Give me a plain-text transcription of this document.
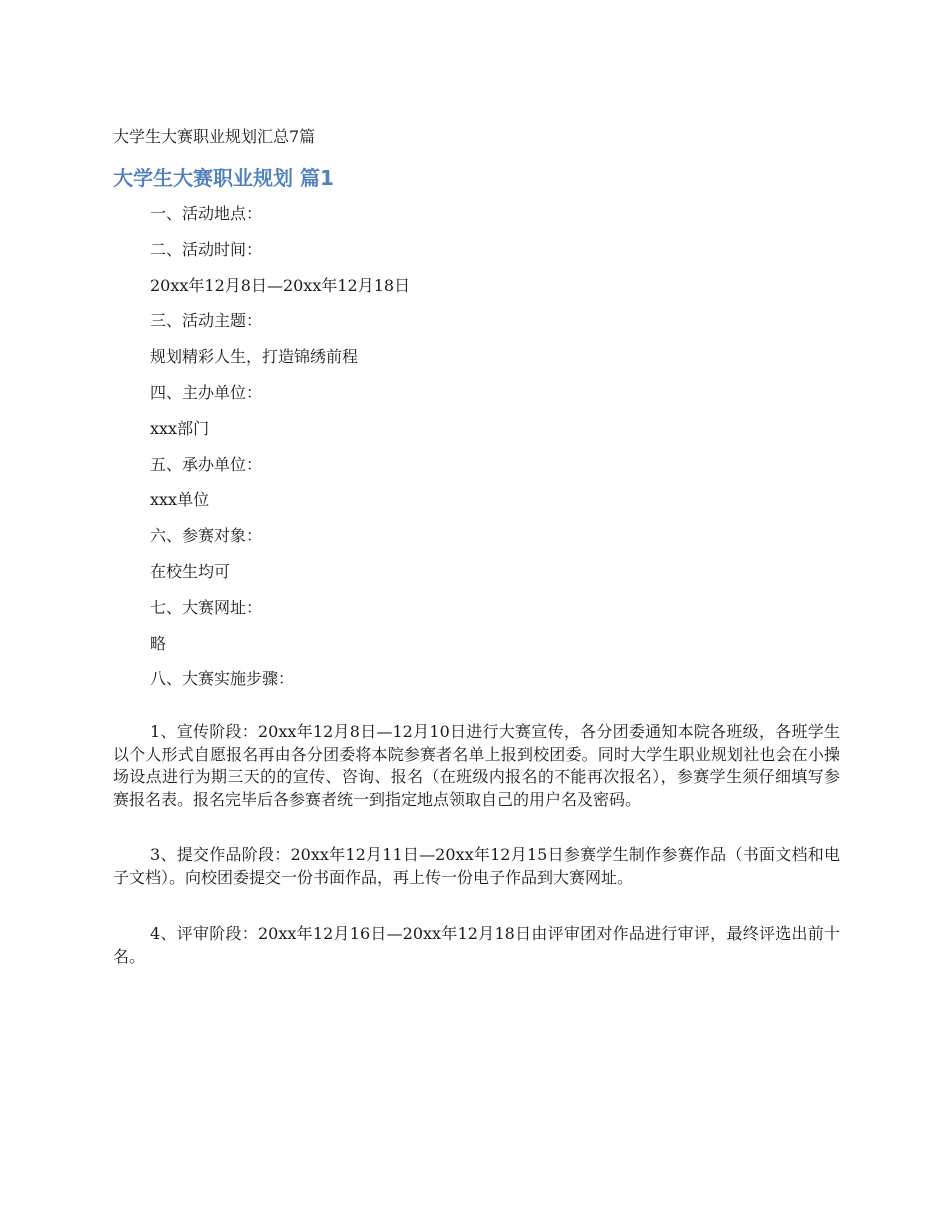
大学生大赛职业规划汇总7篇
大学生大赛职业规划 篇1
一、活动地点：
二、活动时间：
20xx年12月8日—20xx年12月18日
三、活动主题：
规划精彩人生，打造锦绣前程
四、主办单位：
xxx部门
五、承办单位：
xxx单位
六、参赛对象：
在校生均可
七、大赛网址：
略
八、大赛实施步骤：

1、宣传阶段：20xx年12月8日—12月10日进行大赛宣传，各分团委通知本院各班级，各班学生以个人形式自愿报名再由各分团委将本院参赛者名单上报到校团委。同时大学生职业规划社也会在小操场设点进行为期三天的的宣传、咨询、报名（在班级内报名的不能再次报名），参赛学生须仔细填写参赛报名表。报名完毕后各参赛者统一到指定地点领取自己的用户名及密码。

3、提交作品阶段：20xx年12月11日—20xx年12月15日参赛学生制作参赛作品（书面文档和电子文档）。向校团委提交一份书面作品，再上传一份电子作品到大赛网址。

4、评审阶段：20xx年12月16日—20xx年12月18日由评审团对作品进行审评，最终评选出前十名。
